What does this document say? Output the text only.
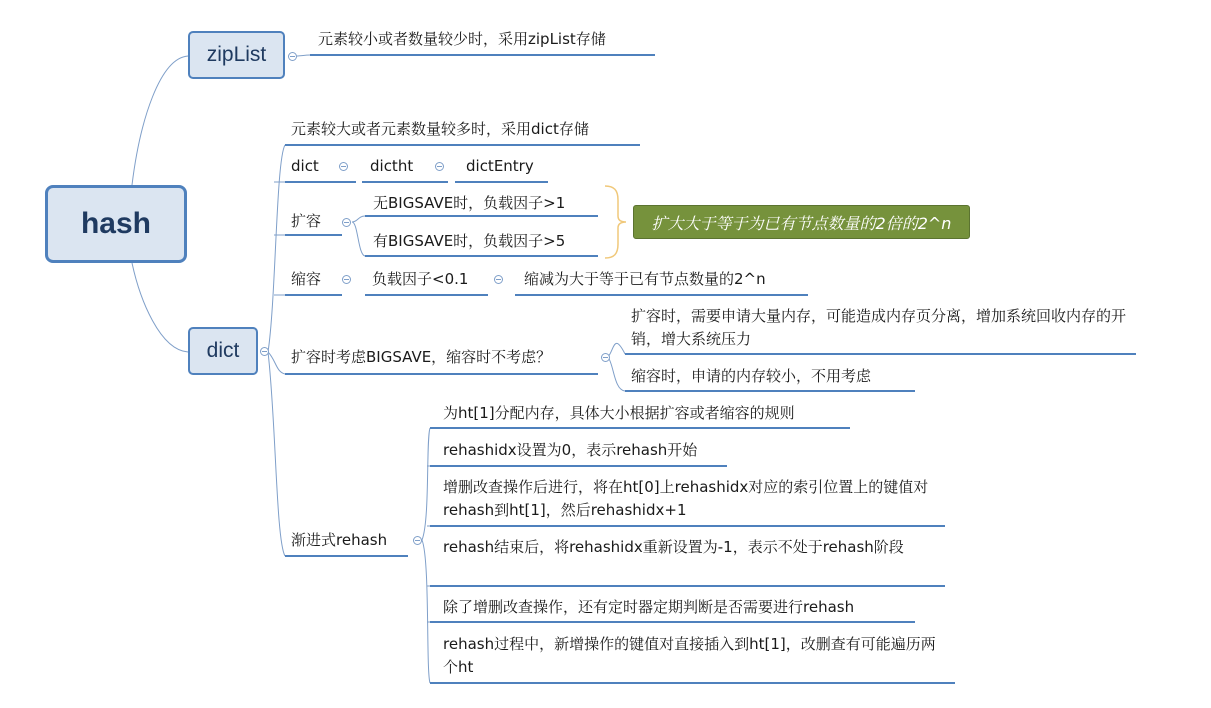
hash
zipList
元素较小或者数量较少时，采用zipList存储
dict
元素较大或者元素数量较多时，采用dict存储
dict	dictht	dictEntry
扩容
无BIGSAVE时，负载因子>1
有BIGSAVE时，负载因子>5
扩大大于等于为已有节点数量的2倍的2^n
缩容	负载因子<0.1	缩减为大于等于已有节点数量的2^n
扩容时考虑BIGSAVE，缩容时不考虑？
扩容时，需要申请大量内存，可能造成内存页分离，增加系统回收内存的开销，增大系统压力
缩容时，申请的内存较小，不用考虑
渐进式rehash
为ht[1]分配内存，具体大小根据扩容或者缩容的规则
rehashidx设置为0，表示rehash开始
增删改查操作后进行，将在ht[0]上rehashidx对应的索引位置上的键值对rehash到ht[1]，然后rehashidx+1
rehash结束后，将rehashidx重新设置为-1，表示不处于rehash阶段
除了增删改查操作，还有定时器定期判断是否需要进行rehash
rehash过程中，新增操作的键值对直接插入到ht[1]，改删查有可能遍历两个ht
